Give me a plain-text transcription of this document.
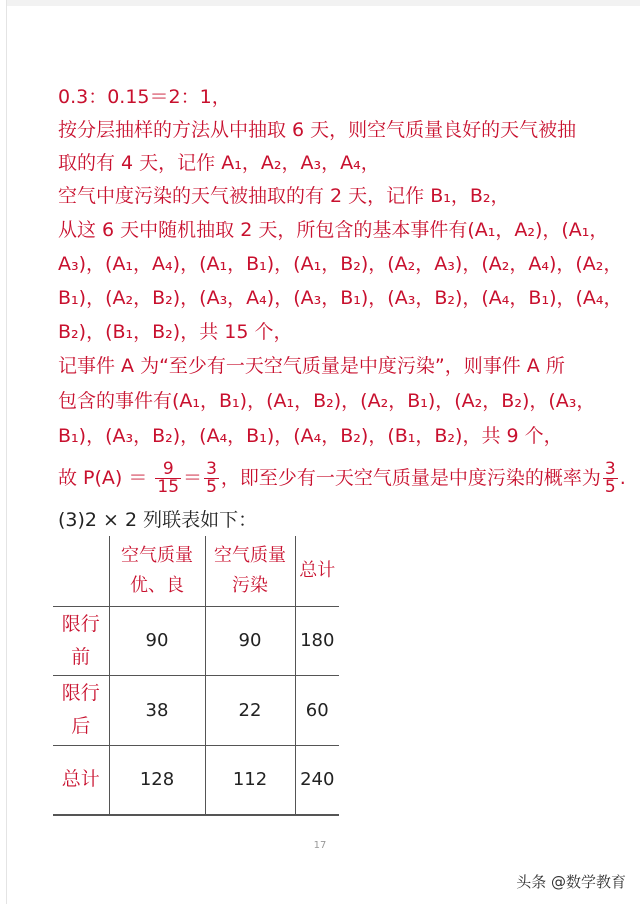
0.3：0.15＝2：1，
按分层抽样的方法从中抽取 6 天，则空气质量良好的天气被抽
取的有 4 天，记作 A₁，A₂，A₃，A₄，
空气中度污染的天气被抽取的有 2 天，记作 B₁，B₂，
从这 6 天中随机抽取 2 天，所包含的基本事件有(A₁，A₂)，(A₁，
A₃)，(A₁，A₄)，(A₁，B₁)，(A₁，B₂)，(A₂，A₃)，(A₂，A₄)，(A₂，
B₁)，(A₂，B₂)，(A₃，A₄)，(A₃，B₁)，(A₃，B₂)，(A₄，B₁)，(A₄，
B₂)，(B₁，B₂)，共 15 个，
记事件 A 为“至少有一天空气质量是中度污染”，则事件 A 所
包含的事件有(A₁，B₁)，(A₁，B₂)，(A₂，B₁)，(A₂，B₂)，(A₃，
B₁)，(A₃，B₂)，(A₄，B₁)，(A₄，B₂)，(B₁，B₂)，共 9 个，
故 $P(A) = \frac{9}{15} = \frac{3}{5}$ ，即至少有一天空气质量是中度污染的概率为 $\frac{3}{5}$ .
(3)2 × 2 列联表如下：
	空气质量优、良	空气质量污染	总计
限行前	90	90	180
限行后	38	22	60
总计	128	112	240
17
头条 @数学教育
